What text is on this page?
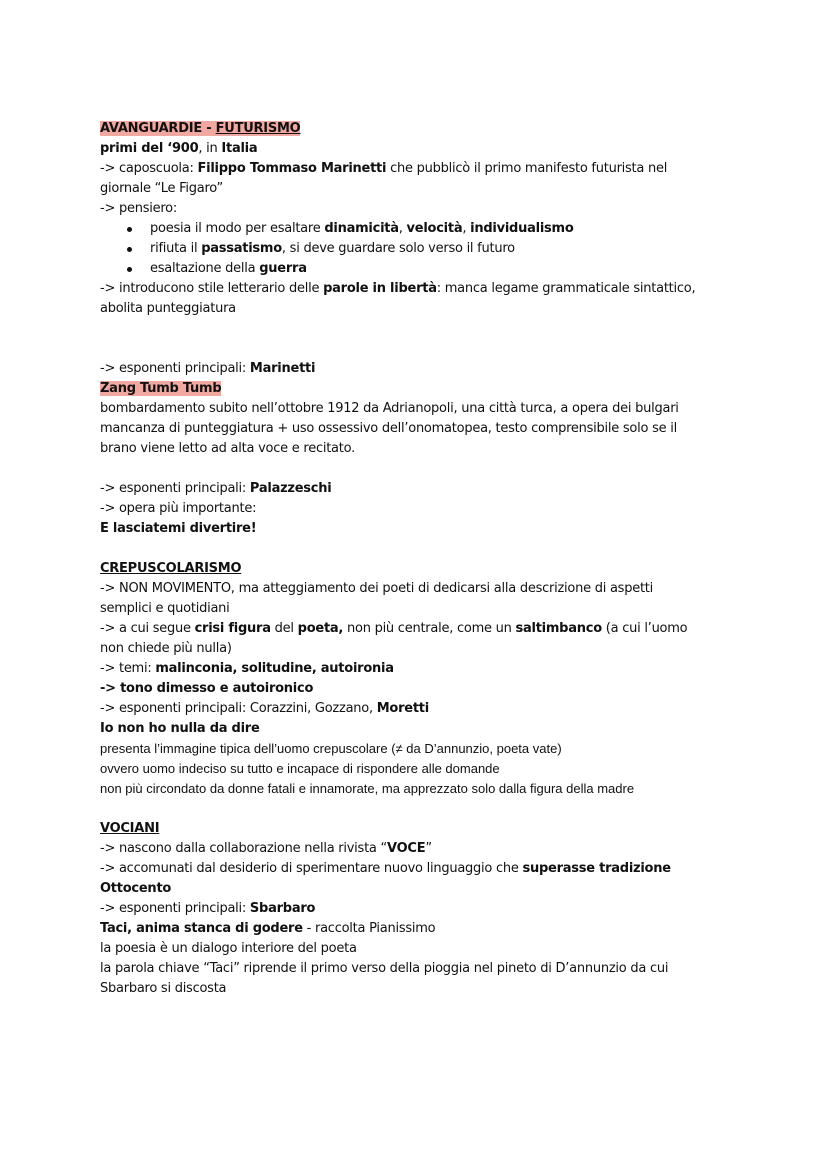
AVANGUARDIE - FUTURISMO
primi del ‘900, in Italia
-> caposcuola: Filippo Tommaso Marinetti che pubblicò il primo manifesto futurista nel
giornale “Le Figaro”
-> pensiero:
poesia il modo per esaltare dinamicità, velocità, individualismo
rifiuta il passatismo, si deve guardare solo verso il futuro
esaltazione della guerra
-> introducono stile letterario delle parole in libertà: manca legame grammaticale sintattico,
abolita punteggiatura
-> esponenti principali: Marinetti
Zang Tumb Tumb
bombardamento subito nell’ottobre 1912 da Adrianopoli, una città turca, a opera dei bulgari
mancanza di punteggiatura + uso ossessivo dell’onomatopea, testo comprensibile solo se il
brano viene letto ad alta voce e recitato.
-> esponenti principali: Palazzeschi
-> opera più importante:
E lasciatemi divertire!
CREPUSCOLARISMO
-> NON MOVIMENTO, ma atteggiamento dei poeti di dedicarsi alla descrizione di aspetti
semplici e quotidiani
-> a cui segue crisi figura del poeta, non più centrale, come un saltimbanco (a cui l’uomo
non chiede più nulla)
-> temi: malinconia, solitudine, autoironia
-> tono dimesso e autoironico
-> esponenti principali: Corazzini, Gozzano, Moretti
Io non ho nulla da dire
presenta l’immagine tipica dell’uomo crepuscolare (≠ da D’annunzio, poeta vate)
ovvero uomo indeciso su tutto e incapace di rispondere alle domande
non più circondato da donne fatali e innamorate, ma apprezzato solo dalla figura della madre
VOCIANI
-> nascono dalla collaborazione nella rivista “VOCE”
-> accomunati dal desiderio di sperimentare nuovo linguaggio che superasse tradizione
Ottocento
-> esponenti principali: Sbarbaro
Taci, anima stanca di godere - raccolta Pianissimo
la poesia è un dialogo interiore del poeta
la parola chiave “Taci” riprende il primo verso della pioggia nel pineto di D’annunzio da cui
Sbarbaro si discosta
